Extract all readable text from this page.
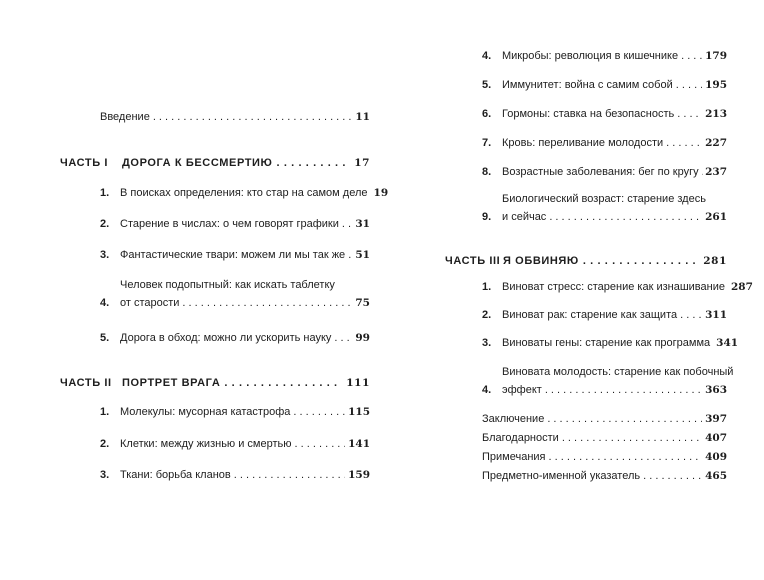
Введение . . .	11
ЧАСТЬ I	ДОРОГА К БЕССМЕРТИЮ . . .	17
1. В поисках определения: кто стар на самом деле 19
2. Старение в числах: о чем говорят графики . . . 31
3. Фантастические твари: можем ли мы так же . . . 51
4.
Человек подопытный: как искать таблетку
от старости . . .	75
5. Дорога в обход: можно ли ускорить науку . . . 99
ЧАСТЬ II ПОРТРЕТ ВРАГА . . .	111
1. Молекулы: мусорная катастрофа . . .	115
2. Клетки: между жизнью и смертью . . .	141
3. Ткани: борьба кланов . . .	159
4. Микробы: революция в кишечнике . . .	179
5. Иммунитет: война с самим собой . . .	195
6. Гормоны: ставка на безопасность . . .	213
7. Кровь: переливание молодости . . .	227
8. Возрастные заболевания: бег по кругу . . . 237
9.
Биологический возраст: старение здесь
и сейчас . . .	261
ЧАСТЬ III Я ОБВИНЯЮ . . .	281
1. Виноват стресс: старение как изнашивание 287
2. Виноват рак: старение как защита . . .	311
3. Виноваты гены: старение как программа 341
4.
Виновата молодость: старение как побочный
эффект . . .	363
Заключение . . .	397
Благодарности . . .	407
Примечания . . .	409
Предметно-именной указатель . . .	465
